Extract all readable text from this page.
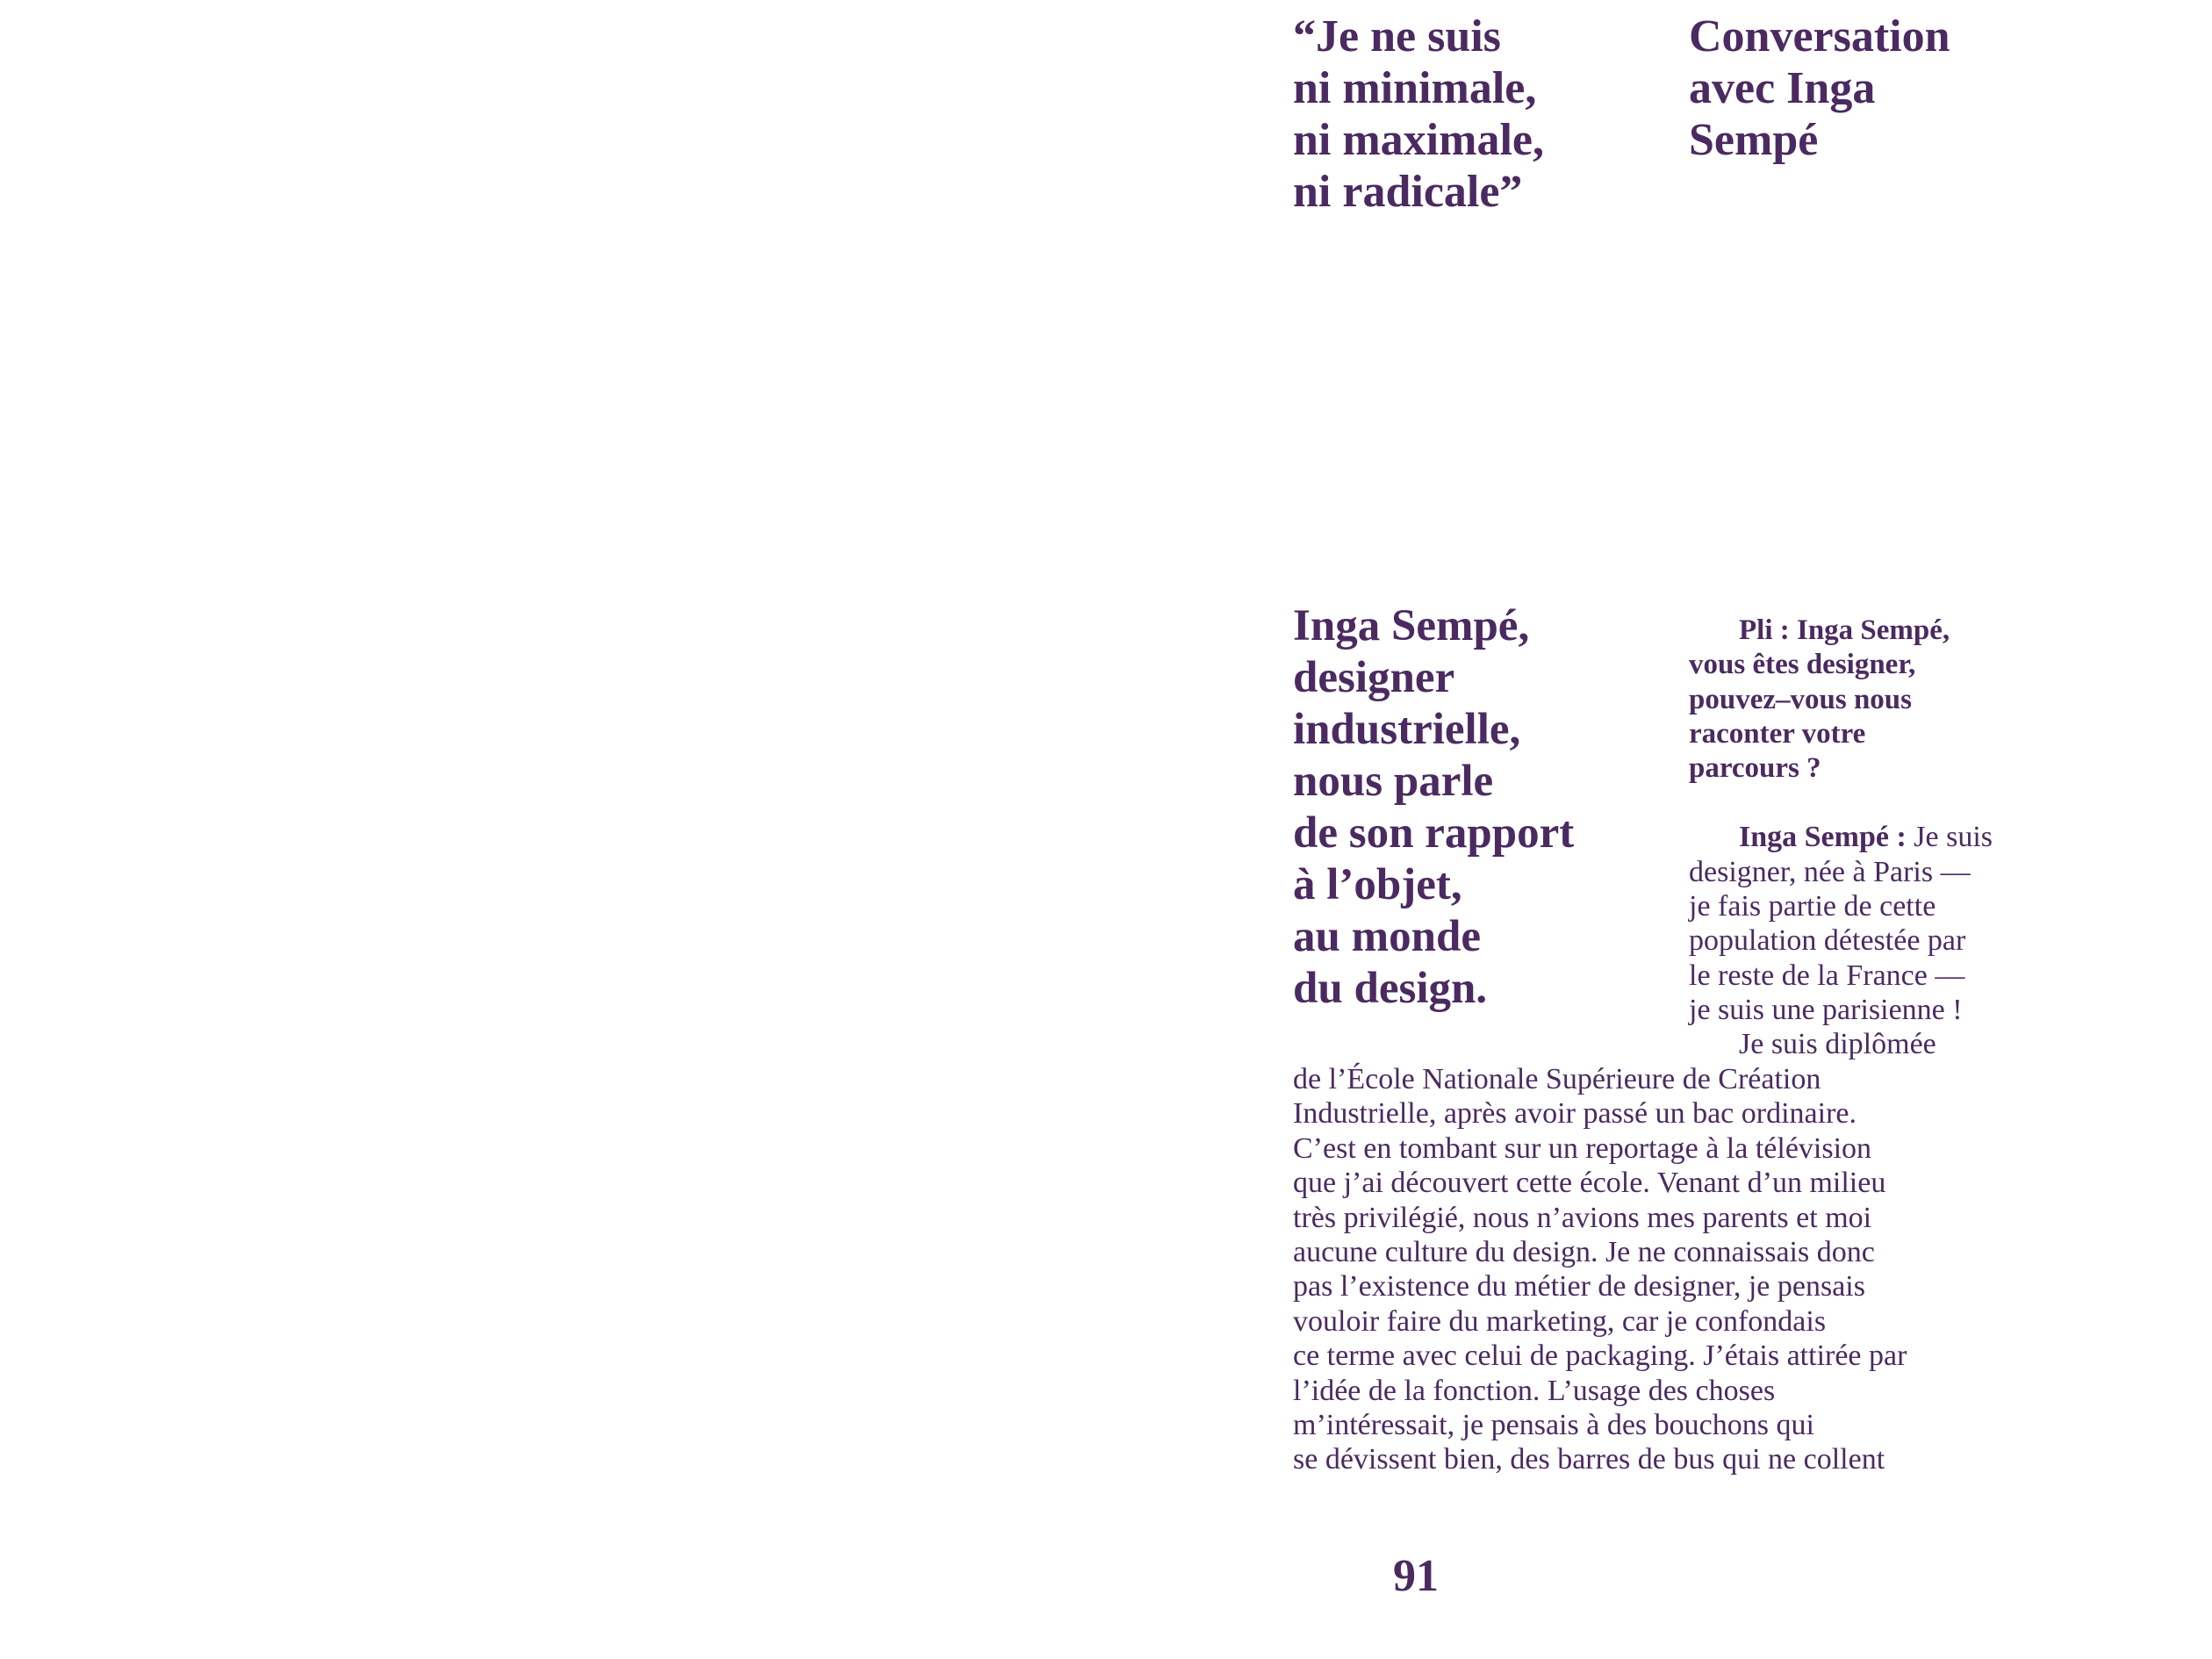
“Je ne suis
ni minimale,
ni maximale,
ni radicale”
Conversation
avec Inga
Sempé

Inga Sempé,
designer
industrielle,
nous parle
de son rapport
à l’objet,
au monde
du design.

Pli : Inga Sempé,
vous êtes designer,
pouvez–vous nous
raconter votre
parcours ?

Inga Sempé : Je suis
designer, née à Paris —
je fais partie de cette
population détestée par
le reste de la France —
je suis une parisienne !
Je suis diplômée

de l’École Nationale Supérieure de Création
Industrielle, après avoir passé un bac ordinaire.
C’est en tombant sur un reportage à la télévision
que j’ai découvert cette école. Venant d’un milieu
très privilégié, nous n’avions mes parents et moi
aucune culture du design. Je ne connaissais donc
pas l’existence du métier de designer, je pensais
vouloir faire du marketing, car je confondais
ce terme avec celui de packaging. J’étais attirée par
l’idée de la fonction. L’usage des choses
m’intéressait, je pensais à des bouchons qui
se dévissent bien, des barres de bus qui ne collent
91
